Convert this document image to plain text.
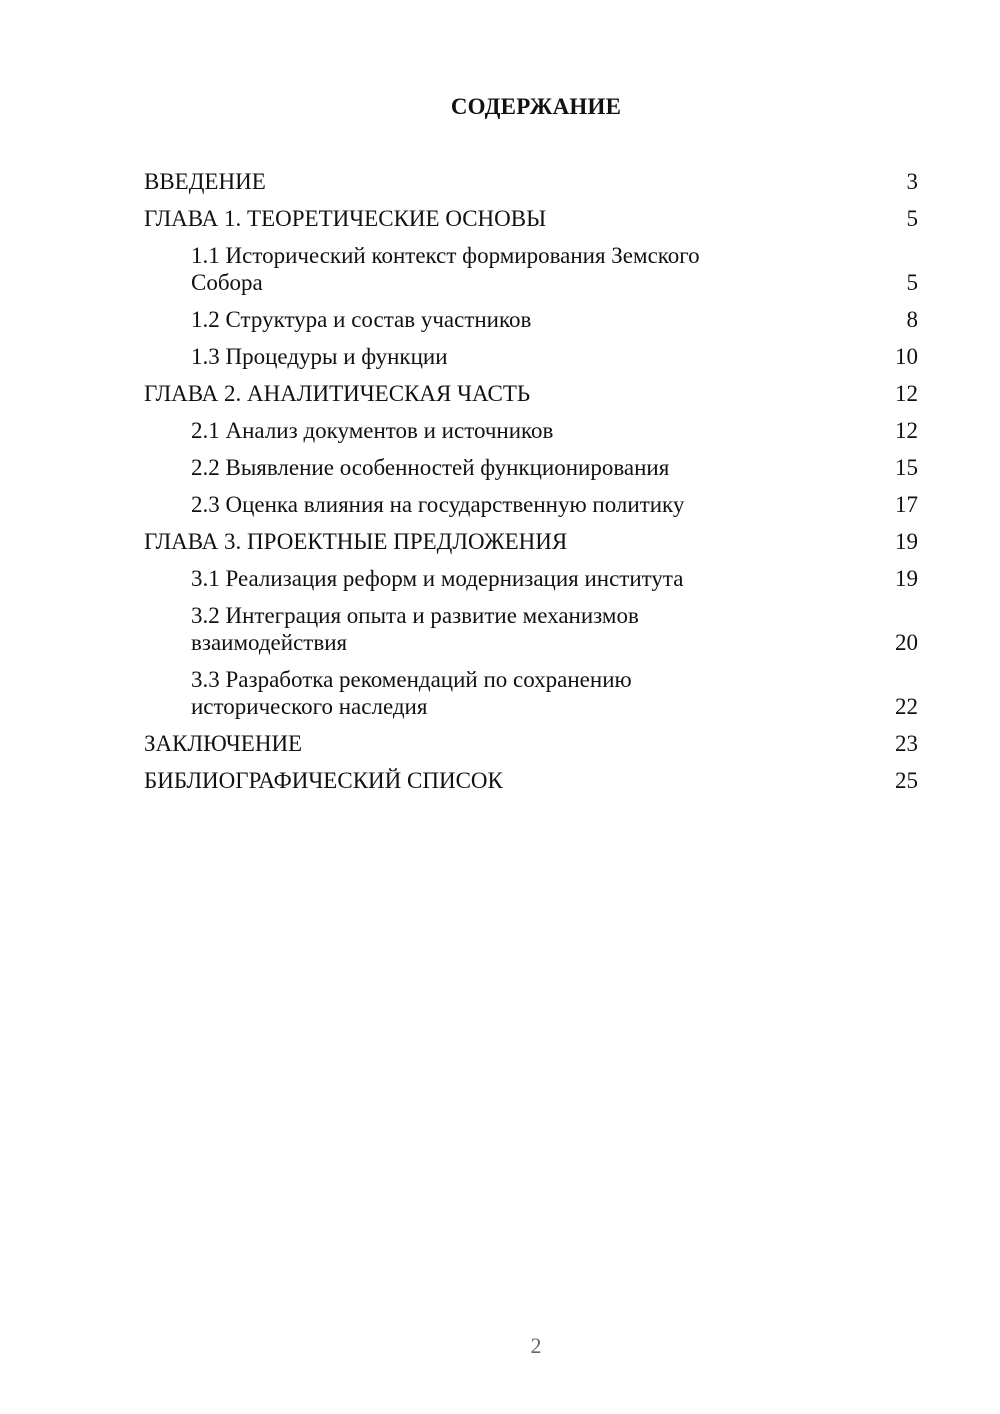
СОДЕРЖАНИЕ
ВВЕДЕНИЕ	3
ГЛАВА 1. ТЕОРЕТИЧЕСКИЕ ОСНОВЫ	5
1.1 Исторический контекст формирования Земского Собора	5
1.2 Структура и состав участников	8
1.3 Процедуры и функции	10
ГЛАВА 2. АНАЛИТИЧЕСКАЯ ЧАСТЬ	12
2.1 Анализ документов и источников	12
2.2 Выявление особенностей функционирования	15
2.3 Оценка влияния на государственную политику	17
ГЛАВА 3. ПРОЕКТНЫЕ ПРЕДЛОЖЕНИЯ	19
3.1 Реализация реформ и модернизация института	19
3.2 Интеграция опыта и развитие механизмов взаимодействия	20
3.3 Разработка рекомендаций по сохранению исторического наследия	22
ЗАКЛЮЧЕНИЕ	23
БИБЛИОГРАФИЧЕСКИЙ СПИСОК	25
2
